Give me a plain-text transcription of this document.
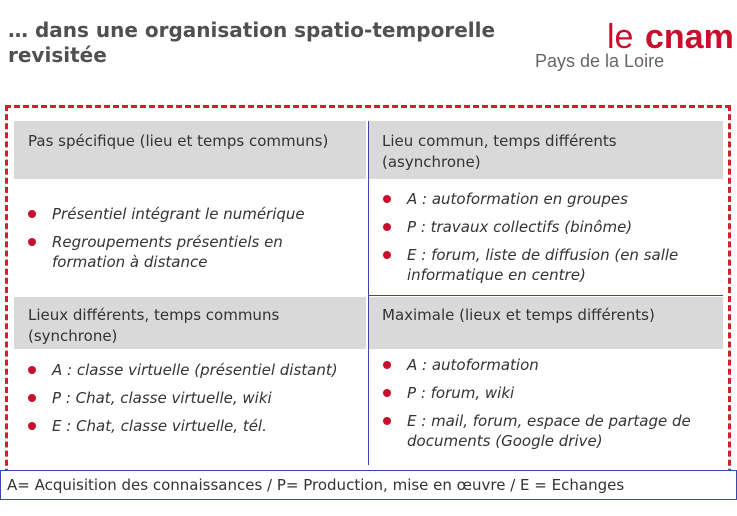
… dans une organisation spatio-temporelle revisitée	le cnam
Pays de la Loire
Pas spécifique (lieu et temps communs)	Lieu commun, temps différents (asynchrone)
Lieux différents, temps communs (synchrone)
Maximale (lieux et temps différents)
Présentiel intégrant le numérique
Regroupements présentiels en formation à distance
A : autoformation en groupes
P : travaux collectifs (binôme)
E : forum, liste de diffusion (en salle informatique en centre)
A : classe virtuelle (présentiel distant)
P : Chat, classe virtuelle, wiki
E : Chat, classe virtuelle, tél.
A : autoformation
P : forum, wiki
E : mail, forum, espace de partage de documents (Google drive)
A= Acquisition des connaissances / P= Production, mise en œuvre / E = Echanges
